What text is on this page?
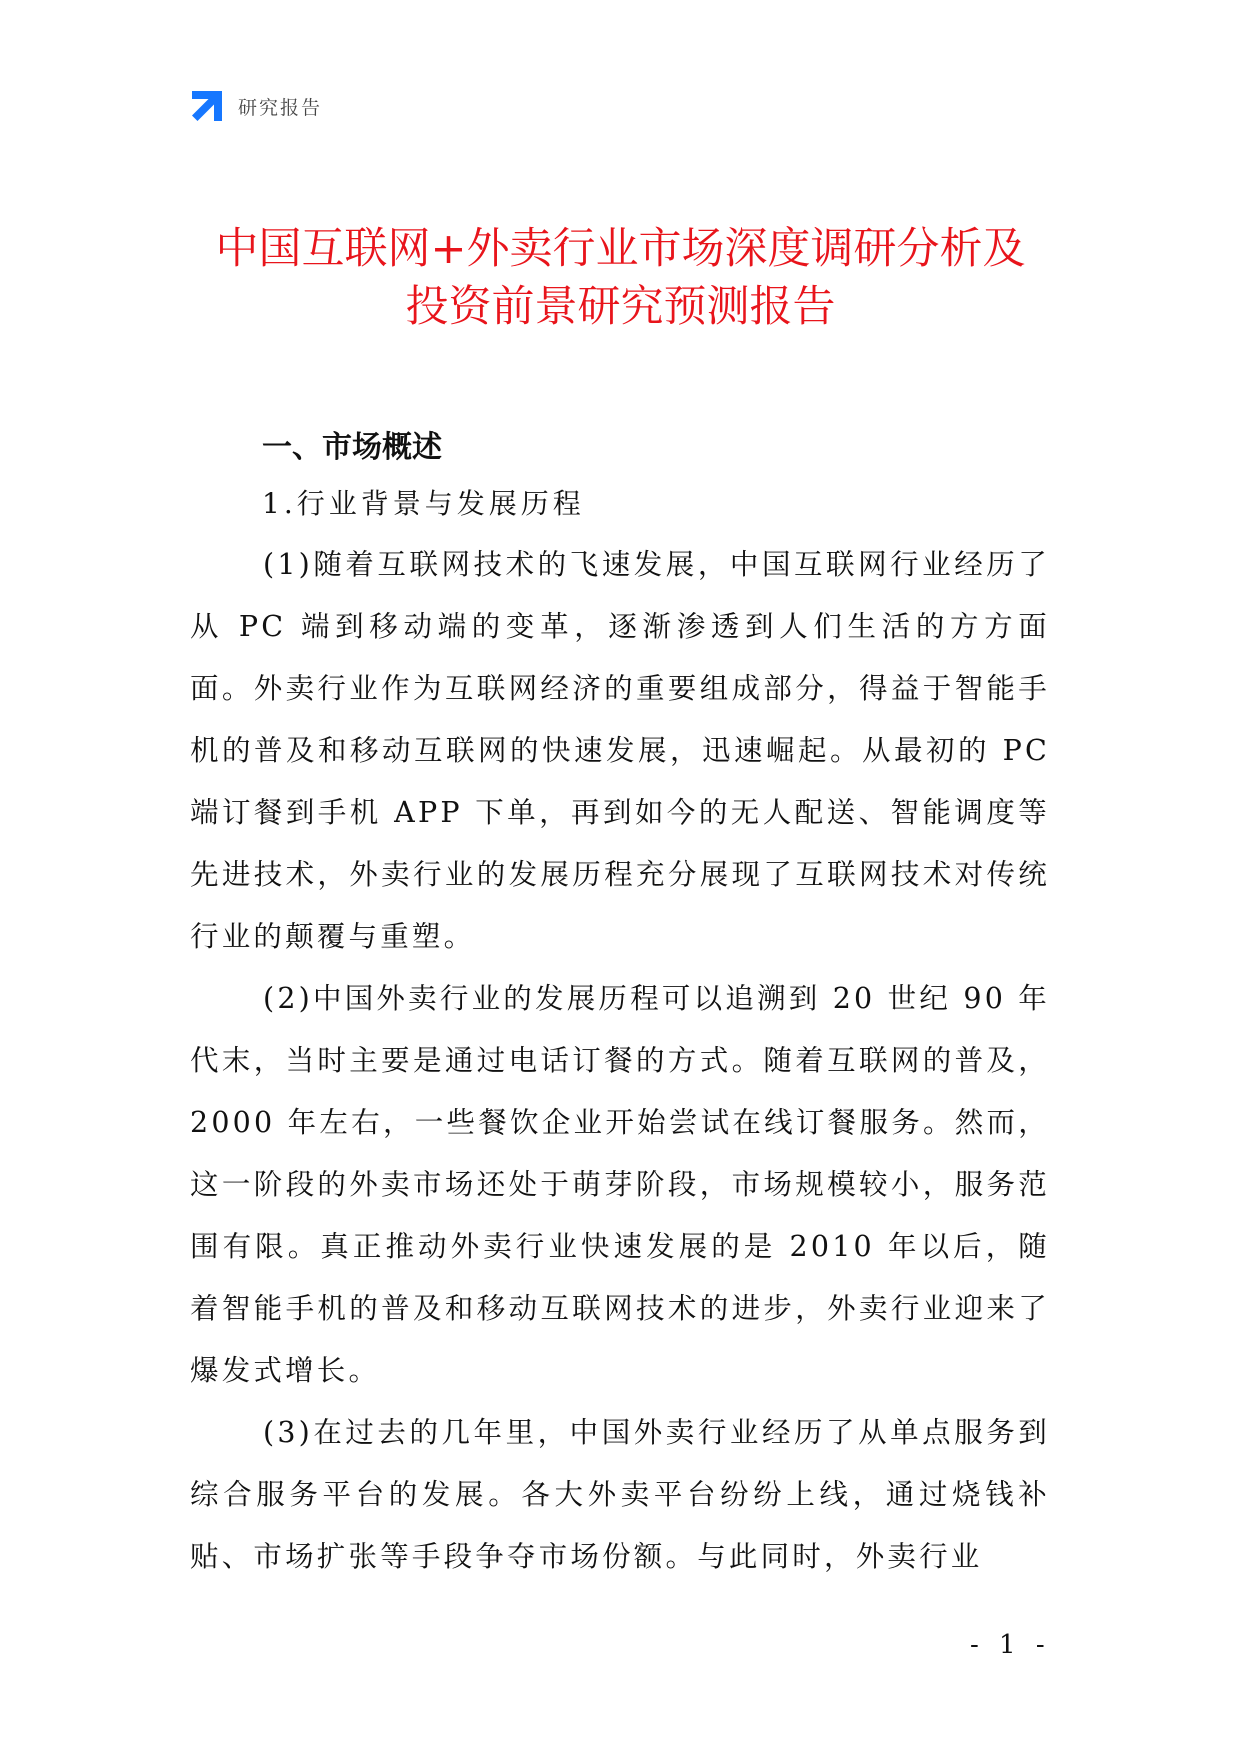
研究报告
中国互联网+外卖行业市场深度调研分析及
投资前景研究预测报告
一、市场概述
1.行业背景与发展历程

(1)随着互联网技术的飞速发展，中国互联网行业经历了从 PC 端到移动端的变革，逐渐渗透到人们生活的方方面面。外卖行业作为互联网经济的重要组成部分，得益于智能手机的普及和移动互联网的快速发展，迅速崛起。从最初的 PC 端订餐到手机 APP 下单，再到如今的无人配送、智能调度等先进技术，外卖行业的发展历程充分展现了互联网技术对传统行业的颠覆与重塑。

(2)中国外卖行业的发展历程可以追溯到 20 世纪 90 年代末，当时主要是通过电话订餐的方式。随着互联网的普及，2000 年左右，一些餐饮企业开始尝试在线订餐服务。然而，这一阶段的外卖市场还处于萌芽阶段，市场规模较小，服务范围有限。真正推动外卖行业快速发展的是 2010 年以后，随着智能手机的普及和移动互联网技术的进步，外卖行业迎来了爆发式增长。

(3)在过去的几年里，中国外卖行业经历了从单点服务到综合服务平台的发展。各大外卖平台纷纷上线，通过烧钱补贴、市场扩张等手段争夺市场份额。与此同时，外卖行业

- 1 -
